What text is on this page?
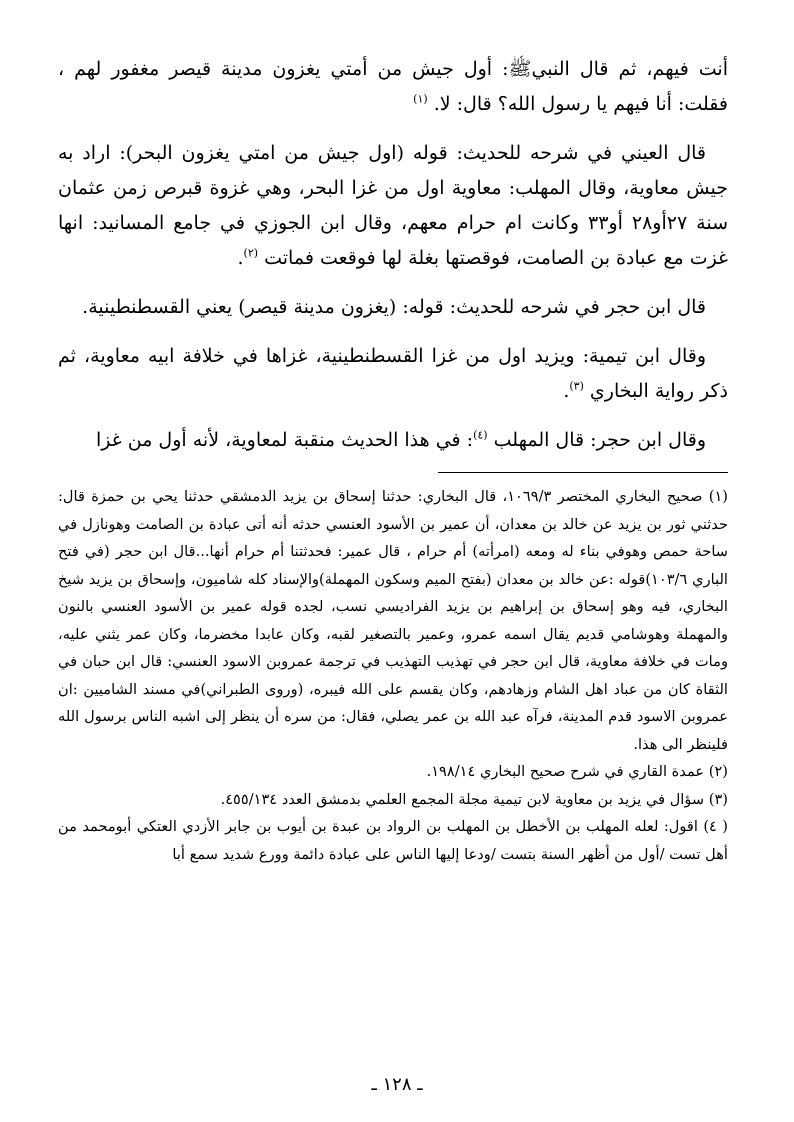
أنت فيهم، ثم قال النبيﷺ: أول جيش من أمتي يغزون مدينة قيصر مغفور لهم ، فقلت: أنا فيهم يا رسول الله؟ قال: لا. $^{(١)}$

قال العيني في شرحه للحديث: قوله (اول جيش من امتي يغزون البحر): اراد به جيش معاوية، وقال المهلب: معاوية اول من غزا البحر، وهي غزوة قبرص زمن عثمان سنة ٢٧أو٢٨ أو٣٣ وكانت ام حرام معهم، وقال ابن الجوزي في جامع المسانيد: انها غزت مع عبادة بن الصامت، فوقصتها بغلة لها فوقعت فماتت $^{(٢)}$.

قال ابن حجر في شرحه للحديث: قوله: (يغزون مدينة قيصر) يعني القسطنطينية.

وقال ابن تيمية: ويزيد اول من غزا القسطنطينية، غزاها في خلافة ابيه معاوية، ثم ذكر رواية البخاري $^{(٣)}$.

وقال ابن حجر: قال المهلب $^{(٤)}$: في هذا الحديث منقبة لمعاوية، لأنه أول من غزا

(١) صحيح البخاري المختصر ١٠٦٩/٣، قال البخاري: حدثنا إسحاق بن يزيد الدمشقي حدثنا يحي بن حمزة قال: حدثني ثور بن يزيد عن خالد بن معدان، أن عمير بن الأسود العنسي حدثه أنه أتى عبادة بن الصامت وهونازل في ساحة حمص وهوفي بناء له ومعه (امرأته) أم حرام ، قال عمير: فحدثتنا أم حرام أنها...قال ابن حجر (في فتح الباري ١٠٣/٦)قوله :عن خالد بن معدان (بفتح الميم وسكون المهملة)والإسناد كله شاميون، وإسحاق بن يزيد شيخ البخاري، فيه وهو إسحاق بن إبراهيم بن يزيد الفراديسي نسب، لجده قوله عمير بن الأسود العنسي بالنون والمهملة وهوشامي قديم يقال اسمه عمرو، وعمير بالتصغير لقبه، وكان عابدا مخضرما، وكان عمر يثني عليه، ومات في خلافة معاوية، قال ابن حجر في تهذيب التهذيب في ترجمة عمروبن الاسود العنسي: قال ابن حبان في الثقاة كان من عباد اهل الشام وزهادهم، وكان يقسم على الله فيبره، (وروى الطبراني)في مسند الشاميين :ان عمروبن الاسود قدم المدينة، فرآه عبد الله بن عمر يصلي، فقال: من سره أن ينظر إلى اشبه الناس برسول الله فلينظر الى هذا.

(٢) عمدة القاري في شرح صحيح البخاري ١٩٨/١٤.

(٣) سؤال في يزيد بن معاوية لابن تيمية مجلة المجمع العلمي بدمشق العدد ٤٥٥/١٣٤.

( ٤) اقول: لعله المهلب بن الأخطل بن المهلب بن الرواد بن عبدة بن أيوب بن جابر الأزدي العتكي أبومحمد من أهل تست /أول من أظهر السنة بتست /ودعا إليها الناس على عبادة دائمة وورع شديد سمع أبا

ـ ١٢٨ ـ
